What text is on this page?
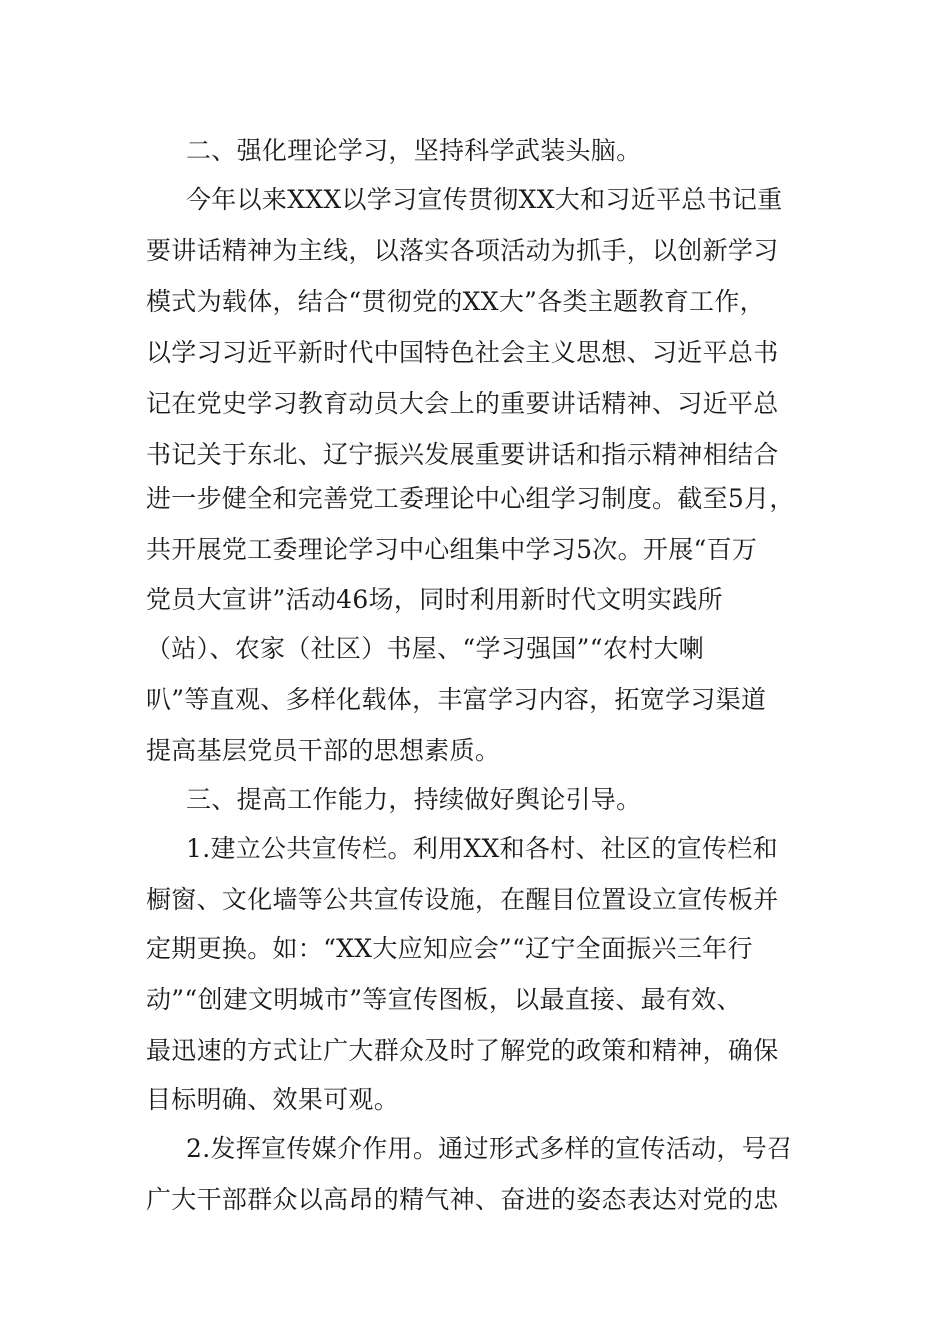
二、强化理论学习，坚持科学武装头脑。
今年以来XXX以学习宣传贯彻XX大和习近平总书记重
要讲话精神为主线，以落实各项活动为抓手，以创新学习
模式为载体，结合“贯彻党的XX大”各类主题教育工作，
以学习习近平新时代中国特色社会主义思想、习近平总书
记在党史学习教育动员大会上的重要讲话精神、习近平总
书记关于东北、辽宁振兴发展重要讲话和指示精神相结合
进一步健全和完善党工委理论中心组学习制度。截至5月，
共开展党工委理论学习中心组集中学习5次。开展“百万
党员大宣讲”活动46场，同时利用新时代文明实践所
（站）、农家（社区）书屋、“学习强国”“农村大喇
叭”等直观、多样化载体，丰富学习内容，拓宽学习渠道
提高基层党员干部的思想素质。
三、提高工作能力，持续做好舆论引导。
1.建立公共宣传栏。利用XX和各村、社区的宣传栏和
橱窗、文化墙等公共宣传设施，在醒目位置设立宣传板并
定期更换。如：“XX大应知应会”“辽宁全面振兴三年行
动”“创建文明城市”等宣传图板，以最直接、最有效、
最迅速的方式让广大群众及时了解党的政策和精神，确保
目标明确、效果可观。
2.发挥宣传媒介作用。通过形式多样的宣传活动，号召
广大干部群众以高昂的精气神、奋进的姿态表达对党的忠
